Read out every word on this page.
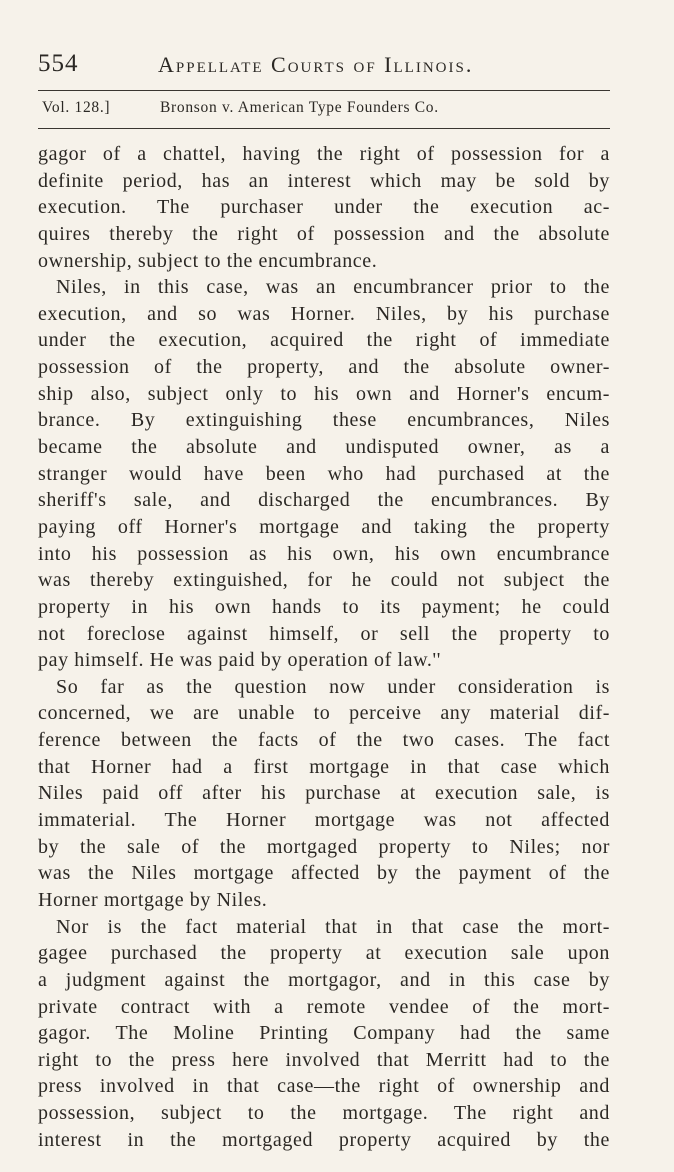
554	Appellate Courts of Illinois.
Vol. 128.]	Bronson v. American Type Founders Co.
gagor of a chattel, having the right of possession for a
definite period, has an interest which may be sold by
execution. The purchaser under the execution ac-
quires thereby the right of possession and the absolute
ownership, subject to the encumbrance.
Niles, in this case, was an encumbrancer prior to the
execution, and so was Horner. Niles, by his purchase
under the execution, acquired the right of immediate
possession of the property, and the absolute owner-
ship also, subject only to his own and Horner's encum-
brance. By extinguishing these encumbrances, Niles
became the absolute and undisputed owner, as a
stranger would have been who had purchased at the
sheriff's sale, and discharged the encumbrances. By
paying off Horner's mortgage and taking the property
into his possession as his own, his own encumbrance
was thereby extinguished, for he could not subject the
property in his own hands to its payment; he could
not foreclose against himself, or sell the property to
pay himself. He was paid by operation of law.''
So far as the question now under consideration is
concerned, we are unable to perceive any material dif-
ference between the facts of the two cases. The fact
that Horner had a first mortgage in that case which
Niles paid off after his purchase at execution sale, is
immaterial. The Horner mortgage was not affected
by the sale of the mortgaged property to Niles; nor
was the Niles mortgage affected by the payment of the
Horner mortgage by Niles.
Nor is the fact material that in that case the mort-
gagee purchased the property at execution sale upon
a judgment against the mortgagor, and in this case by
private contract with a remote vendee of the mort-
gagor. The Moline Printing Company had the same
right to the press here involved that Merritt had to the
press involved in that case—the right of ownership and
possession, subject to the mortgage. The right and
interest in the mortgaged property acquired by the
